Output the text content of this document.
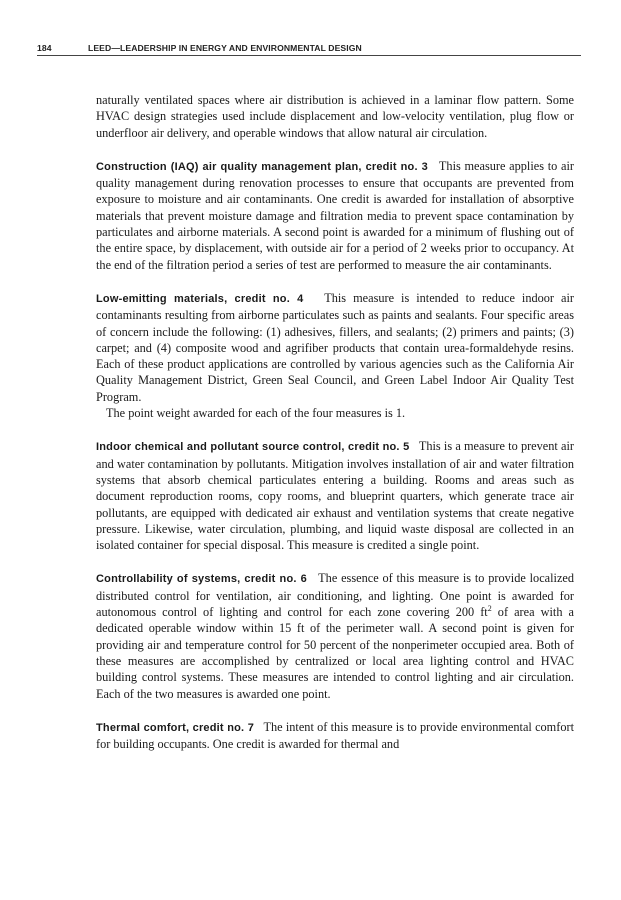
184	LEED—LEADERSHIP IN ENERGY AND ENVIRONMENTAL DESIGN

naturally ventilated spaces where air distribution is achieved in a laminar flow pattern. Some HVAC design strategies used include displacement and low-velocity ventilation, plug flow or underfloor air delivery, and operable windows that allow natural air circulation.

Construction (IAQ) air quality management plan, credit no. 3 This measure applies to air quality management during renovation processes to ensure that occupants are prevented from exposure to moisture and air contaminants. One credit is awarded for installation of absorptive materials that prevent moisture damage and filtration media to prevent space contamination by particulates and airborne materials. A second point is awarded for a minimum of flushing out of the entire space, by displacement, with outside air for a period of 2 weeks prior to occupancy. At the end of the filtration period a series of test are performed to measure the air contaminants.

Low-emitting materials, credit no. 4 This measure is intended to reduce indoor air contaminants resulting from airborne particulates such as paints and sealants. Four specific areas of concern include the following: (1) adhesives, fillers, and sealants; (2) primers and paints; (3) carpet; and (4) composite wood and agrifiber products that contain urea-formaldehyde resins. Each of these product applications are controlled by various agencies such as the California Air Quality Management District, Green Seal Council, and Green Label Indoor Air Quality Test Program.

The point weight awarded for each of the four measures is 1.

Indoor chemical and pollutant source control, credit no. 5 This is a measure to prevent air and water contamination by pollutants. Mitigation involves installation of air and water filtration systems that absorb chemical particulates entering a building. Rooms and areas such as document reproduction rooms, copy rooms, and blueprint quarters, which generate trace air pollutants, are equipped with dedicated air exhaust and ventilation systems that create negative pressure. Likewise, water circulation, plumbing, and liquid waste disposal are collected in an isolated container for special disposal. This measure is credited a single point.

Controllability of systems, credit no. 6 The essence of this measure is to provide localized distributed control for ventilation, air conditioning, and lighting. One point is awarded for autonomous control of lighting and control for each zone covering 200 $ft^2$ of area with a dedicated operable window within 15 ft of the perimeter wall. A second point is given for providing air and temperature control for 50 percent of the nonperimeter occupied area. Both of these measures are accomplished by centralized or local area lighting control and HVAC building control systems. These measures are intended to control lighting and air circulation. Each of the two measures is awarded one point.

Thermal comfort, credit no. 7 The intent of this measure is to provide environmental comfort for building occupants. One credit is awarded for thermal and
